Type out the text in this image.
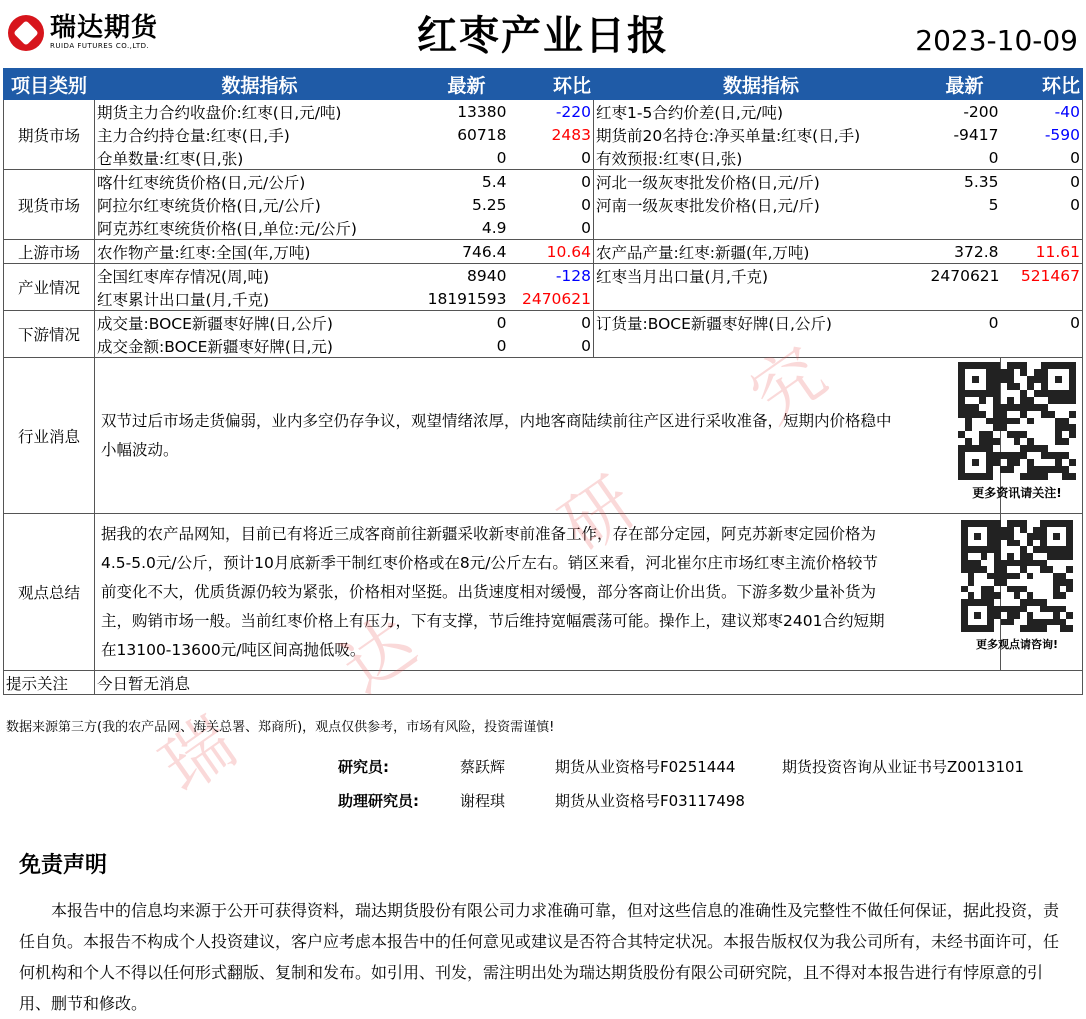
瑞达期货
RUIDA FUTURES CO.,LTD.	红枣产业日报	2023-10-09
项目类别	数据指标	最新	环比	数据指标	最新	环比
期货市场	期货主力合约收盘价:红枣(日,元/吨)	13380	-220	红枣1-5合约价差(日,元/吨)	-200	-40
	主力合约持仓量:红枣(日,手)	60718	2483	期货前20名持仓:净买单量:红枣(日,手)	-9417	-590
	仓单数量:红枣(日,张)	0	0	有效预报:红枣(日,张)	0	0
现货市场	喀什红枣统货价格(日,元/公斤)	5.4	0	河北一级灰枣批发价格(日,元/斤)	5.35	0
	阿拉尔红枣统货价格(日,元/公斤)	5.25	0	河南一级灰枣批发价格(日,元/斤)	5	0
	阿克苏红枣统货价格(日,单位:元/公斤)	4.9	0			
上游市场	农作物产量:红枣:全国(年,万吨)	746.4	10.64	农产品产量:红枣:新疆(年,万吨)	372.8	11.61
产业情况	全国红枣库存情况(周,吨)	8940	-128	红枣当月出口量(月,千克)	2470621	521467
	红枣累计出口量(月,千克)	18191593	2470621			
下游情况	成交量:BOCE新疆枣好牌(日,公斤)	0	0	订货量:BOCE新疆枣好牌(日,公斤)	0	0
	成交金额:BOCE新疆枣好牌(日,元)	0	0			
行业消息	双节过后市场走货偏弱，业内多空仍存争议，观望情绪浓厚，内地客商陆续前往产区进行采收准备，短期内价格稳中小幅波动。					更多资讯请关注!

观点总结	据我的农产品网知，目前已有将近三成客商前往新疆采收新枣前准备工作，存在部分定园，阿克苏新枣定园价格为4.5-5.0元/公斤，预计10月底新季干制红枣价格或在8元/公斤左右。销区来看，河北崔尔庄市场红枣主流价格较节前变化不大，优质货源仍较为紧张，价格相对坚挺。出货速度相对缓慢，部分客商让价出货。下游多数少量补货为主，购销市场一般。当前红枣价格上有压力，下有支撑，节后维持宽幅震荡可能。操作上，建议郑枣2401合约短期在13100-13600元/吨区间高抛低吸。					更多观点请咨询!

提示关注	今日暂无消息					
瑞
达
研
究
数据来源第三方(我的农产品网、海关总署、郑商所)，观点仅供参考，市场有风险，投资需谨慎!
研究员:	蔡跃辉	期货从业资格号F0251444	期货投资咨询从业证书号Z0013101
助理研究员:	谢程琪	期货从业资格号F03117498
免责声明
本报告中的信息均来源于公开可获得资料，瑞达期货股份有限公司力求准确可靠，但对这些信息的准确性及完整性不做任何保证，据此投资，责任自负。本报告不构成个人投资建议，客户应考虑本报告中的任何意见或建议是否符合其特定状况。本报告版权仅为我公司所有，未经书面许可，任何机构和个人不得以任何形式翻版、复制和发布。如引用、刊发，需注明出处为瑞达期货股份有限公司研究院，且不得对本报告进行有悖原意的引用、删节和修改。
